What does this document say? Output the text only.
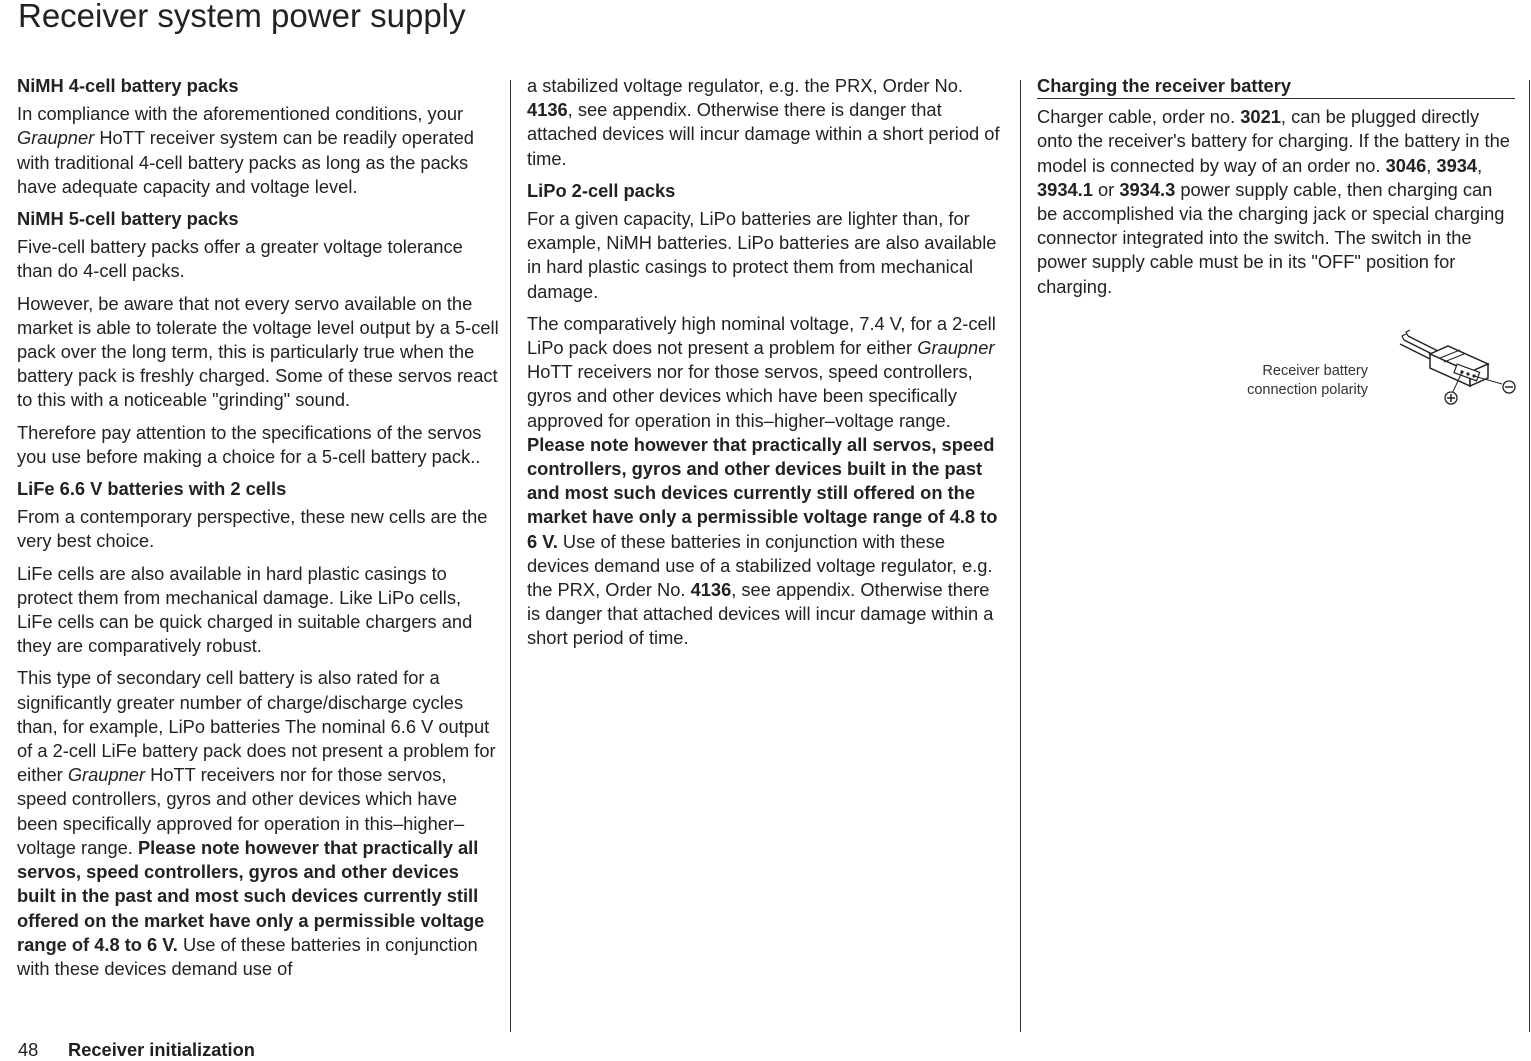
Receiver system power supply
NiMH 4-cell battery packs

In compliance with the aforementioned conditions, your Graupner HoTT receiver system can be readily operated with traditional 4-cell battery packs as long as the packs have adequate capacity and voltage level.

NiMH 5-cell battery packs

Five-cell battery packs offer a greater voltage tolerance than do 4-cell packs.

However, be aware that not every servo available on the market is able to tolerate the voltage level output by a 5-cell pack over the long term, this is particularly true when the battery pack is freshly charged. Some of these servos react to this with a noticeable "grinding" sound.

Therefore pay attention to the specifications of the servos you use before making a choice for a 5-cell battery pack..

LiFe 6.6 V batteries with 2 cells

From a contemporary perspective, these new cells are the very best choice.

LiFe cells are also available in hard plastic casings to protect them from mechanical damage. Like LiPo cells, LiFe cells can be quick charged in suitable chargers and they are comparatively robust.

This type of secondary cell battery is also rated for a significantly greater number of charge/discharge cycles than, for example, LiPo batteries The nominal 6.6 V output of a 2-cell LiFe battery pack does not present a problem for either Graupner HoTT receivers nor for those servos, speed controllers, gyros and other devices which have been specifically approved for operation in this–higher–voltage range. Please note however that practically all servos, speed controllers, gyros and other devices built in the past and most such devices currently still offered on the market have only a permissible voltage range of 4.8 to 6 V. Use of these batteries in conjunction with these devices demand use of

a stabilized voltage regulator, e.g. the PRX, Order No. 4136, see appendix. Otherwise there is danger that attached devices will incur damage within a short period of time.

LiPo 2-cell packs

For a given capacity, LiPo batteries are lighter than, for example, NiMH batteries. LiPo batteries are also available in hard plastic casings to protect them from mechanical damage.

The comparatively high nominal voltage, 7.4 V, for a 2-cell LiPo pack does not present a problem for either Graupner HoTT receivers nor for those servos, speed controllers, gyros and other devices which have been specifically approved for operation in this–higher–voltage range. Please note however that practically all servos, speed controllers, gyros and other devices built in the past and most such devices currently still offered on the market have only a permissible voltage range of 4.8 to 6 V. Use of these batteries in conjunction with these devices demand use of a stabilized voltage regulator, e.g. the PRX, Order No. 4136, see appendix. Otherwise there is danger that attached devices will incur damage within a short period of time.

Charging the receiver battery

Charger cable, order no. 3021, can be plugged directly onto the receiver's battery for charging. If the battery in the model is connected by way of an order no. 3046, 3934, 3934.1 or 3934.3 power supply cable, then charging can be accomplished via the charging jack or special charging connector integrated into the switch. The switch in the power supply cable must be in its "OFF" position for charging.

Receiver battery
connection polarity
48 Receiver initialization
